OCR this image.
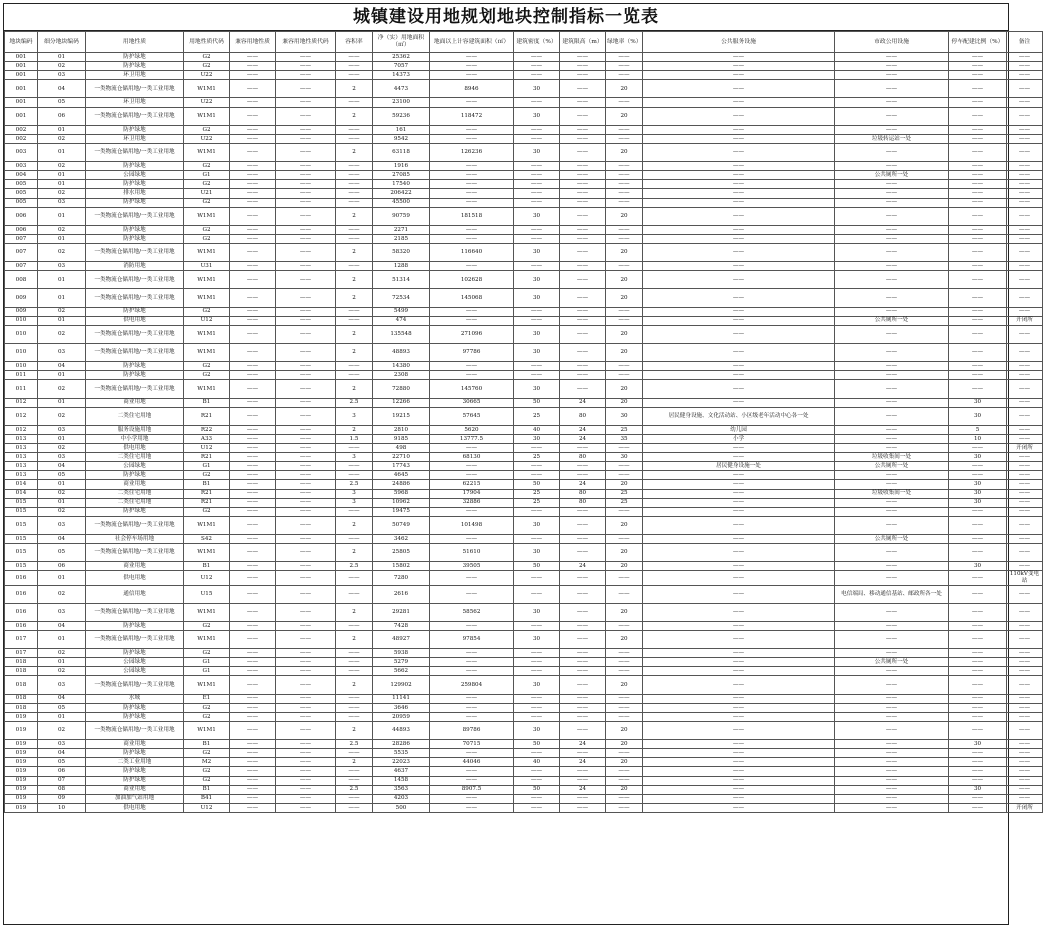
城镇建设用地规划地块控制指标一览表
地块编码	细分地块编码	用地性质	用地性质代码	兼容用地性质	兼容用地性质代码	容积率	净（实）用地面积（㎡）	地面以上计容建筑面积（㎡）	建筑密度（%）	建筑限高（m）	绿地率（%）	公共服务设施	市政公用设施	停车配建比例（%）	备注
001	01	防护绿地	G2	——	——	——	25362	——	——	——	——	——	——	——	——
001	02	防护绿地	G2	——	——	——	7057	——	——	——	——	——	——	——	——
001	03	环卫用地	U22	——	——	——	14373	——	——	——	——	——	——	——	——
001	04	一类物流仓储用地/一类工业用地	W1M1	——	——	2	4473	8946	30	——	20	——	——	——	——
001	05	环卫用地	U22	——	——	——	23100	——	——	——	——	——	——	——	——
001	06	一类物流仓储用地/一类工业用地	W1M1	——	——	2	59236	118472	30	——	20	——	——	——	——
002	01	防护绿地	G2	——	——	——	161	——	——	——	——	——	——	——	——
002	02	环卫用地	U22	——	——	——	9542	——	——	——	——	——	垃圾转运站一处	——	——
003	01	一类物流仓储用地/一类工业用地	W1M1	——	——	2	63118	126236	30	——	20	——	——	——	——
003	02	防护绿地	G2	——	——	——	1916	——	——	——	——	——	——	——	——
004	01	公园绿地	G1	——	——	——	27085	——	——	——	——	——	公共厕所一处	——	——
005	01	防护绿地	G2	——	——	——	17540	——	——	——	——	——	——	——	——
005	02	排水用地	U21	——	——	——	206422	——	——	——	——	——	——	——	——
005	03	防护绿地	G2	——	——	——	45500	——	——	——	——	——	——	——	——
006	01	一类物流仓储用地/一类工业用地	W1M1	——	——	2	90759	181518	30	——	20	——	——	——	——
006	02	防护绿地	G2	——	——	——	2271	——	——	——	——	——	——	——	——
007	01	防护绿地	G2	——	——	——	2185	——	——	——	——	——	——	——	——
007	02	一类物流仓储用地/一类工业用地	W1M1	——	——	2	58320	116640	30	——	20	——	——	——	——
007	03	消防用地	U31	——	——	——	1288	——	——	——	——	——	——	——	——
008	01	一类物流仓储用地/一类工业用地	W1M1	——	——	2	51314	102628	30	——	20	——	——	——	——
009	01	一类物流仓储用地/一类工业用地	W1M1	——	——	2	72534	145068	30	——	20	——	——	——	——
009	02	防护绿地	G2	——	——	——	5499	——	——	——	——	——	——	——	——
010	01	供电用地	U12	——	——	——	474	——	——	——	——	——	公共厕所一处	——	开闭所
010	02	一类物流仓储用地/一类工业用地	W1M1	——	——	2	135548	271096	30	——	20	——	——	——	——
010	03	一类物流仓储用地/一类工业用地	W1M1	——	——	2	48893	97786	30	——	20	——	——	——	——
010	04	防护绿地	G2	——	——	——	14380	——	——	——	——	——	——	——	——
011	01	防护绿地	G2	——	——	——	2308	——	——	——	——	——	——	——	——
011	02	一类物流仓储用地/一类工业用地	W1M1	——	——	2	72880	145760	30	——	20	——	——	——	——
012	01	商业用地	B1	——	——	2.5	12266	30665	50	24	20	——	——	30	——
012	02	二类住宅用地	R21	——	——	3	19215	57645	25	80	30	居民健身设施、文化活动站、小区级老年活动中心各一处	——	30	——
012	03	服务设施用地	R22	——	——	2	2810	5620	40	24	25	幼儿园	——	5	——
013	01	中小学用地	A33	——	——	1.5	9185	13777.5	30	24	35	小学	——	10	——
013	02	供电用地	U12	——	——	——	498	——	——	——	——	——	——	——	开闭所
013	03	二类住宅用地	R21	——	——	3	22710	68130	25	80	30	——	垃圾收集间一处	30	——
013	04	公园绿地	G1	——	——	——	17743	——	——	——	——	居民健身设施一处	公共厕所一处	——	——
013	05	防护绿地	G2	——	——	——	4645	——	——	——	——	——	——	——	——
014	01	商业用地	B1	——	——	2.5	24886	62215	50	24	20	——	——	30	——
014	02	二类住宅用地	R21	——	——	3	5968	17904	25	80	25	——	垃圾收集间一处	30	——
015	01	二类住宅用地	R21	——	——	3	10962	32886	25	80	25	——	——	30	——
015	02	防护绿地	G2	——	——	——	19475	——	——	——	——	——	——	——	——
015	03	一类物流仓储用地/一类工业用地	W1M1	——	——	2	50749	101498	30	——	20	——	——	——	——
015	04	社会停车场用地	S42	——	——	——	3462	——	——	——	——	——	公共厕所一处	——	——
015	05	一类物流仓储用地/一类工业用地	W1M1	——	——	2	25805	51610	30	——	20	——	——	——	——
015	06	商业用地	B1	——	——	2.5	15802	39505	50	24	20	——	——	30	——
016	01	供电用地	U12	——	——	——	7280	——	——	——	——	——	——	——	110kV变电站
016	02	通信用地	U15	——	——	——	2616	——	——	——	——	——	电信端局、移动通信基站、邮政所各一处	——	——
016	03	一类物流仓储用地/一类工业用地	W1M1	——	——	2	29281	58562	30	——	20	——	——	——	——
016	04	防护绿地	G2	——	——	——	7428	——	——	——	——	——	——	——	——
017	01	一类物流仓储用地/一类工业用地	W1M1	——	——	2	48927	97854	30	——	20	——	——	——	——
017	02	防护绿地	G2	——	——	——	5938	——	——	——	——	——	——	——	——
018	01	公园绿地	G1	——	——	——	5279	——	——	——	——	——	公共厕所一处	——	——
018	02	公园绿地	G1	——	——	——	5662	——	——	——	——	——	——	——	——
018	03	一类物流仓储用地/一类工业用地	W1M1	——	——	2	129902	259804	30	——	20	——	——	——	——
018	04	水域	E1	——	——	——	11141	——	——	——	——	——	——	——	——
018	05	防护绿地	G2	——	——	——	3646	——	——	——	——	——	——	——	——
019	01	防护绿地	G2	——	——	——	20959	——	——	——	——	——	——	——	——
019	02	一类物流仓储用地/一类工业用地	W1M1	——	——	2	44893	89786	30	——	20	——	——	——	——
019	03	商业用地	B1	——	——	2.5	28286	70715	50	24	20	——	——	30	——
019	04	防护绿地	G2	——	——	——	5535	——	——	——	——	——	——	——	——
019	05	二类工业用地	M2	——	——	2	22023	44046	40	24	20	——	——	——	——
019	06	防护绿地	G2	——	——	——	4637	——	——	——	——	——	——	——	——
019	07	防护绿地	G2	——	——	——	1458	——	——	——	——	——	——	——	——
019	08	商业用地	B1	——	——	2.5	3563	8907.5	50	24	20	——	——	30	——
019	09	加油加气站用地	B41	——	——	——	4203	——	——	——	——	——	——	——	——
019	10	供电用地	U12	——	——	——	500	——	——	——	——	——	——	——	开闭所
